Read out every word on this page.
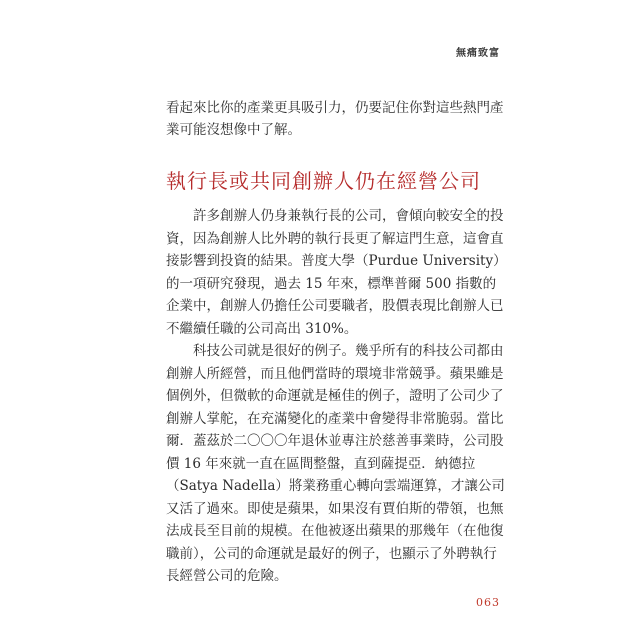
無痛致富

看起來比你的產業更具吸引力，仍要記住你對這些熱門產業可能沒想像中了解。

執行長或共同創辦人仍在經營公司

許多創辦人仍身兼執行長的公司，會傾向較安全的投資，因為創辦人比外聘的執行長更了解這門生意，這會直接影響到投資的結果。普度大學（Purdue University）的一項研究發現，過去 15 年來，標準普爾 500 指數的企業中，創辦人仍擔任公司要職者，股價表現比創辦人已不繼續任職的公司高出 310%。

科技公司就是很好的例子。幾乎所有的科技公司都由創辦人所經營，而且他們當時的環境非常競爭。蘋果雖是個例外，但微軟的命運就是極佳的例子，證明了公司少了創辦人掌舵，在充滿變化的產業中會變得非常脆弱。當比爾．蓋茲於二〇〇〇年退休並專注於慈善事業時，公司股價 16 年來就一直在區間整盤，直到薩提亞．納德拉（Satya Nadella）將業務重心轉向雲端運算，才讓公司又活了過來。即使是蘋果，如果沒有賈伯斯的帶領，也無法成長至目前的規模。在他被逐出蘋果的那幾年（在他復職前），公司的命運就是最好的例子，也顯示了外聘執行長經營公司的危險。

063
